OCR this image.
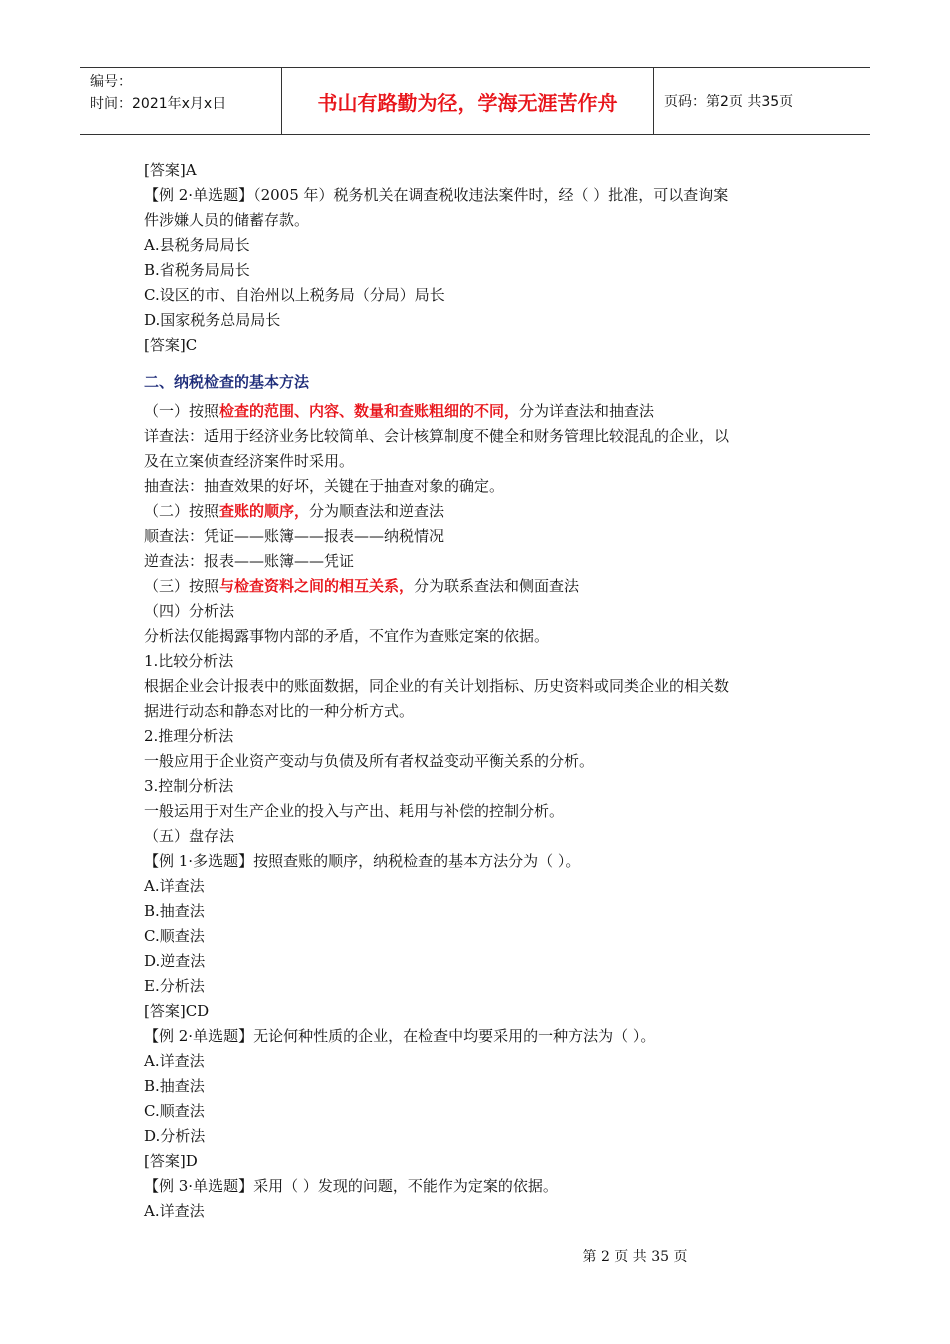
编号：
时间：2021年x月x日	书山有路勤为径，学海无涯苦作舟	页码：第2页 共35页
[答案]A
【例 2·单选题】（2005 年）税务机关在调查税收违法案件时，经（ ）批准，可以查询案
件涉嫌人员的储蓄存款。
A.县税务局局长
B.省税务局局长
C.设区的市、自治州以上税务局（分局）局长
D.国家税务总局局长
[答案]C
二、纳税检查的基本方法
（一）按照检查的范围、内容、数量和查账粗细的不同，分为详查法和抽查法
详查法：适用于经济业务比较简单、会计核算制度不健全和财务管理比较混乱的企业，以
及在立案侦查经济案件时采用。
抽查法：抽查效果的好坏，关键在于抽查对象的确定。
（二）按照查账的顺序，分为顺查法和逆查法
顺查法：凭证——账簿——报表——纳税情况
逆查法：报表——账簿——凭证
（三）按照与检查资料之间的相互关系，分为联系查法和侧面查法
（四）分析法
分析法仅能揭露事物内部的矛盾，不宜作为查账定案的依据。
1.比较分析法
根据企业会计报表中的账面数据，同企业的有关计划指标、历史资料或同类企业的相关数
据进行动态和静态对比的一种分析方式。
2.推理分析法
一般应用于企业资产变动与负债及所有者权益变动平衡关系的分析。
3.控制分析法
一般运用于对生产企业的投入与产出、耗用与补偿的控制分析。
（五）盘存法
【例 1·多选题】按照查账的顺序，纳税检查的基本方法分为（ ）。
A.详查法
B.抽查法
C.顺查法
D.逆查法
E.分析法
[答案]CD
【例 2·单选题】无论何种性质的企业，在检查中均要采用的一种方法为（ ）。
A.详查法
B.抽查法
C.顺查法
D.分析法
[答案]D
【例 3·单选题】采用（ ）发现的问题，不能作为定案的依据。
A.详查法
第 2 页 共 35 页
